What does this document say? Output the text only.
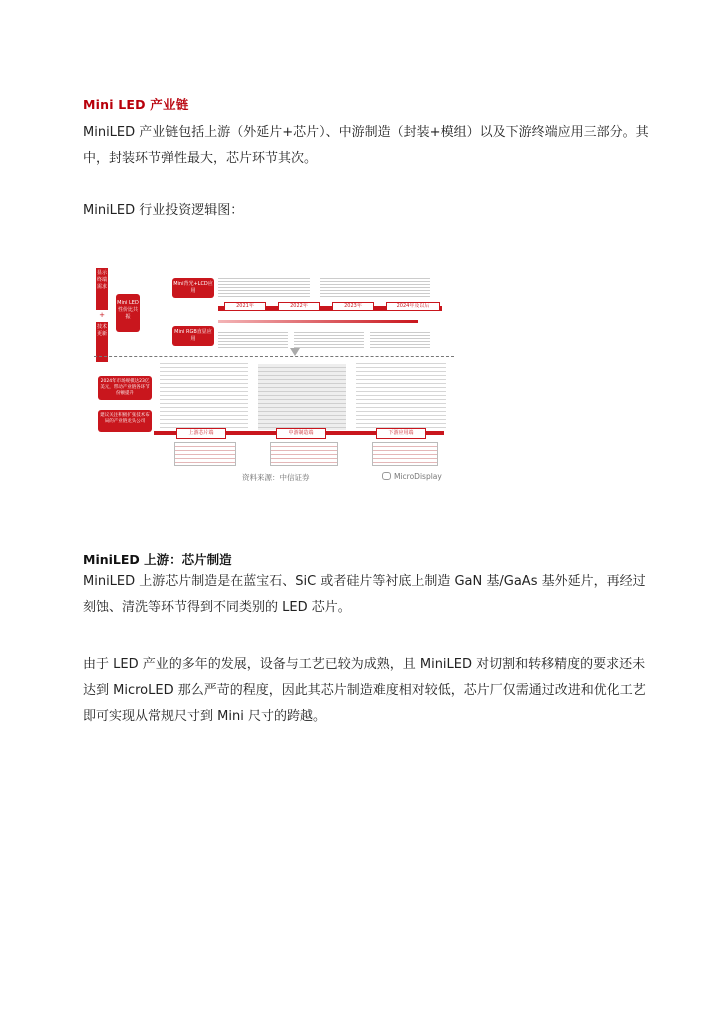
Mini LED 产业链
MiniLED 产业链包括上游（外延片+芯片）、中游制造（封装+模组）以及下游终端应用三部分。其中，封装环节弹性最大，芯片环节其次。
MiniLED 行业投资逻辑图：
显示终端需求
+
Mini LED 性价比共振
技术更新
Mini背光+LCD应用
Mini RGB直显应用
2021年	2022年	2023年	2024年及以后
2024年市场规模达23亿美元，带动产业链各环节份额提升
建议关注积极扩张技术布局的产业链龙头公司
上游芯片端	中游制造端	下游应用端
资料来源：中信证券	MicroDisplay
MiniLED 上游：芯片制造
MiniLED 上游芯片制造是在蓝宝石、SiC 或者硅片等衬底上制造 GaN 基/GaAs 基外延片，再经过刻蚀、清洗等环节得到不同类别的 LED 芯片。
由于 LED 产业的多年的发展，设备与工艺已较为成熟，且 MiniLED 对切割和转移精度的要求还未达到 MicroLED 那么严苛的程度，因此其芯片制造难度相对较低，芯片厂仅需通过改进和优化工艺即可实现从常规尺寸到 Mini 尺寸的跨越。
